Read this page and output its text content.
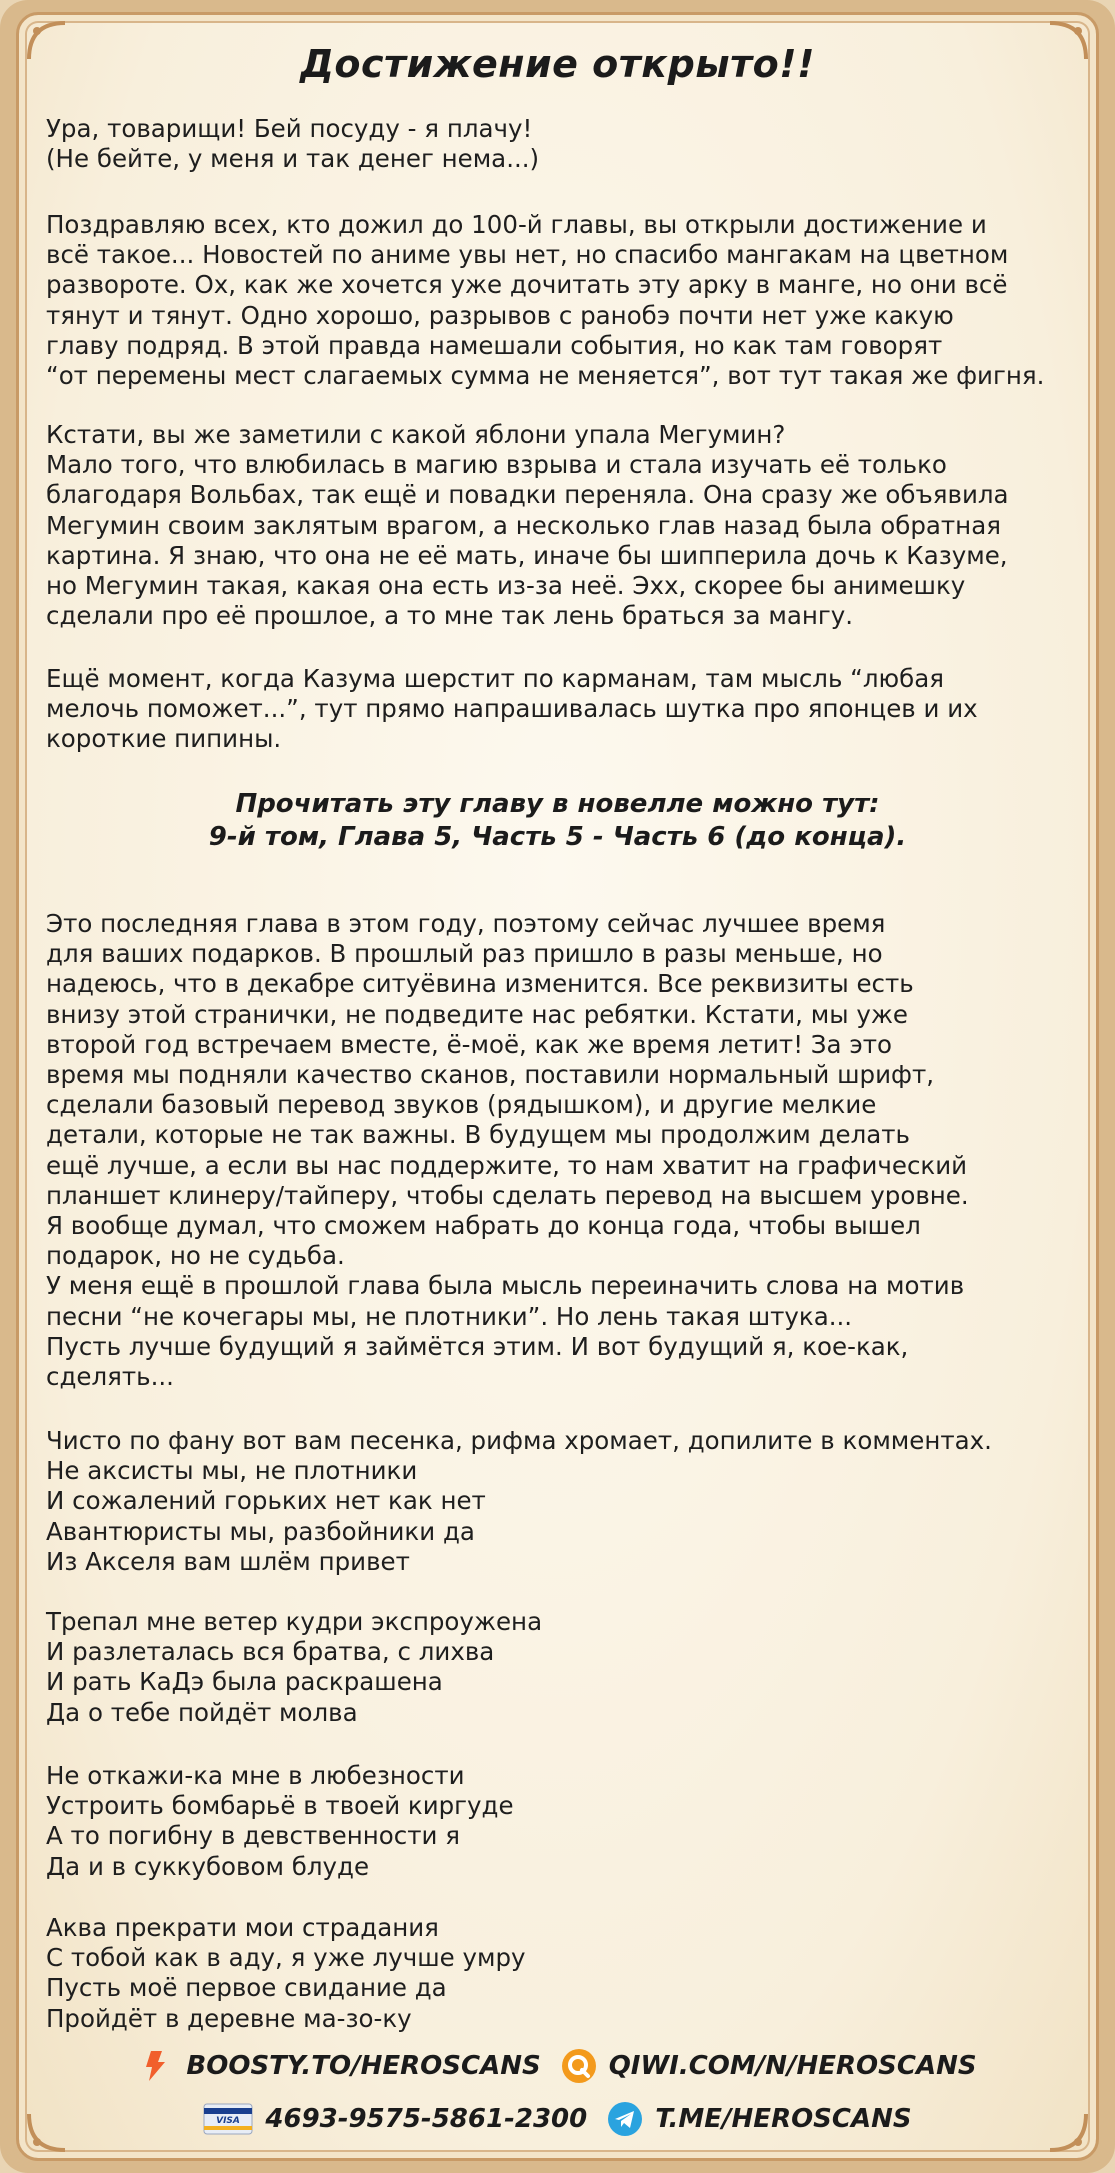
Достижение открыто!!
Ура, товарищи! Бей посуду - я плачу!
(Не бейте, у меня и так денег нема...)
Поздравляю всех, кто дожил до 100-й главы, вы открыли достижение и
всё такое... Новостей по аниме увы нет, но спасибо мангакам на цветном
развороте. Ох, как же хочется уже дочитать эту арку в манге, но они всё
тянут и тянут. Одно хорошо, разрывов с ранобэ почти нет уже какую
главу подряд. В этой правда намешали события, но как там говорят
“от перемены мест слагаемых сумма не меняется”, вот тут такая же фигня.
Кстати, вы же заметили с какой яблони упала Мегумин?
Мало того, что влюбилась в магию взрыва и стала изучать её только
благодаря Вольбах, так ещё и повадки переняла. Она сразу же объявила
Мегумин своим заклятым врагом, а несколько глав назад была обратная
картина. Я знаю, что она не её мать, иначе бы шипперила дочь к Казуме,
но Мегумин такая, какая она есть из-за неё. Эхх, скорее бы анимешку
сделали про её прошлое, а то мне так лень браться за мангу.
Ещё момент, когда Казума шерстит по карманам, там мысль “любая
мелочь поможет...”, тут прямо напрашивалась шутка про японцев и их
короткие пипины.
Прочитать эту главу в новелле можно тут:
9-й том, Глава 5, Часть 5 - Часть 6 (до конца).
Это последняя глава в этом году, поэтому сейчас лучшее время
для ваших подарков. В прошлый раз пришло в разы меньше, но
надеюсь, что в декабре ситуёвина изменится. Все реквизиты есть
внизу этой странички, не подведите нас ребятки. Кстати, мы уже
второй год встречаем вместе, ё-моё, как же время летит! За это
время мы подняли качество сканов, поставили нормальный шрифт,
сделали базовый перевод звуков (рядышком), и другие мелкие
детали, которые не так важны. В будущем мы продолжим делать
ещё лучше, а если вы нас поддержите, то нам хватит на графический
планшет клинеру/тайперу, чтобы сделать перевод на высшем уровне.
Я вообще думал, что сможем набрать до конца года, чтобы вышел
подарок, но не судьба.
У меня ещё в прошлой глава была мысль переиначить слова на мотив
песни “не кочегары мы, не плотники”. Но лень такая штука...
Пусть лучше будущий я займётся этим. И вот будущий я, кое-как,
сделять...
Чисто по фану вот вам песенка, рифма хромает, допилите в комментах.
Не аксисты мы, не плотники
И сожалений горьких нет как нет
Авантюристы мы, разбойники да
Из Акселя вам шлём привет
Трепал мне ветер кудри экспроужена
И разлеталась вся братва, с лихва
И рать КаДэ была раскрашена
Да о тебе пойдёт молва
Не откажи-ка мне в любезности
Устроить бомбарьё в твоей киргуде
А то погибну в девственности я
Да и в суккубовом блуде
Аква прекрати мои страдания
С тобой как в аду, я уже лучше умру
Пусть моё первое свидание да
Пройдёт в деревне ма-зо-ку
BOOSTY.TO/HEROSCANS	QIWI.COM/N/HEROSCANS
VISA 4693-9575-5861-2300	T.ME/HEROSCANS
